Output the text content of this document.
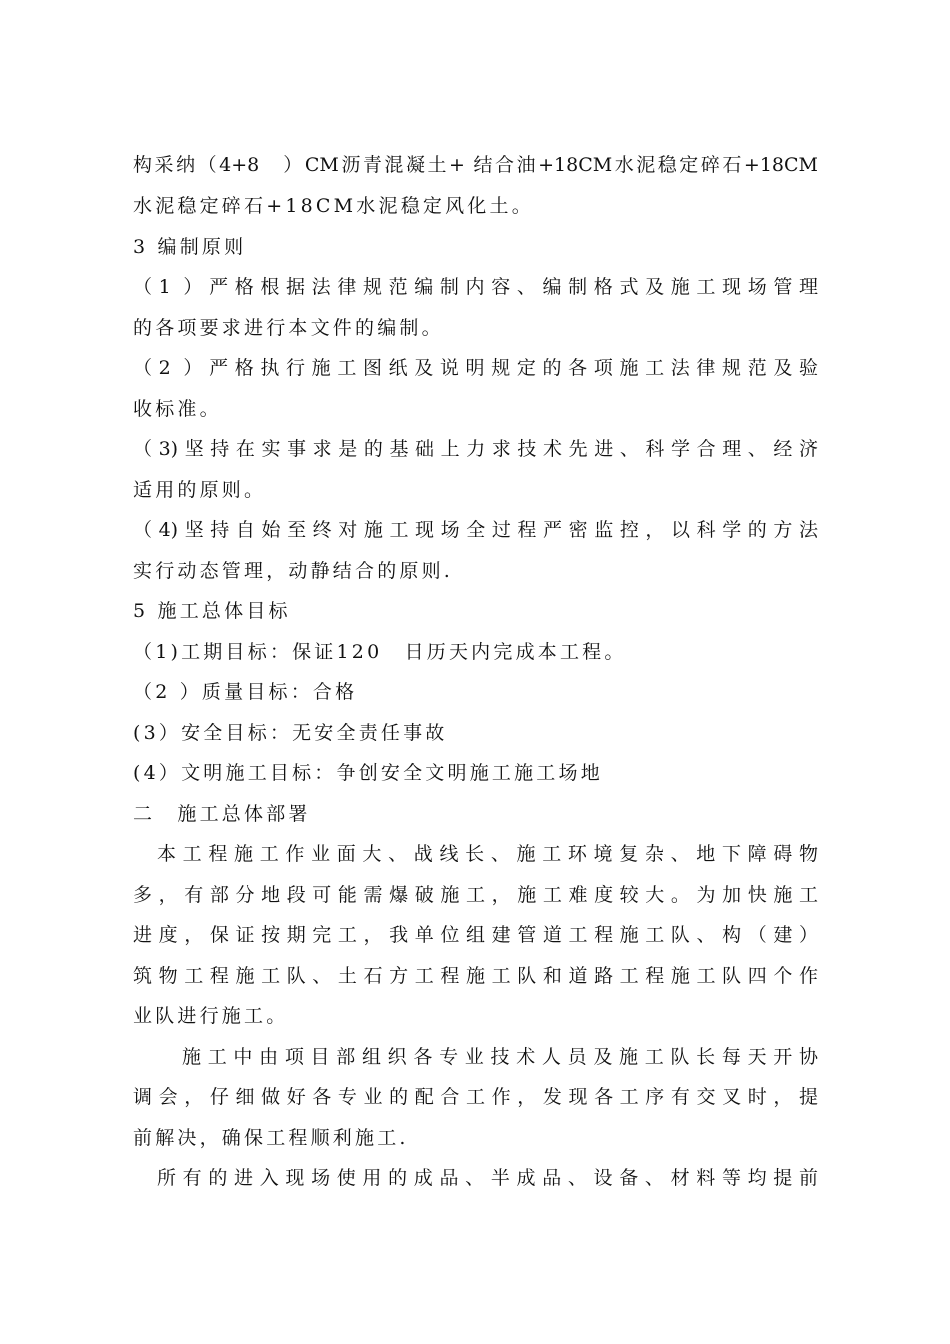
构采纳（4+8　）CM沥青混凝土+ 结合油+18CM水泥稳定碎石+18CM
水泥稳定碎石+18CM水泥稳定风化土。
3 编制原则
（1 ）严格根据法律规范编制内容、编制格式及施工现场管理
的各项要求进行本文件的编制。
（2 ）严格执行施工图纸及说明规定的各项施工法律规范及验
收标准。
（3)坚持在实事求是的基础上力求技术先进、科学合理、经济
适用的原则。
（4)坚持自始至终对施工现场全过程严密监控，以科学的方法
实行动态管理，动静结合的原则.
5 施工总体目标
（1)工期目标：保证120　日历天内完成本工程。
（2 ）质量目标：合格
(3）安全目标：无安全责任事故
(4）文明施工目标：争创安全文明施工施工场地
二　施工总体部署
本工程施工作业面大、战线长、施工环境复杂、地下障碍物
多，有部分地段可能需爆破施工，施工难度较大。为加快施工
进度，保证按期完工，我单位组建管道工程施工队、构（建）
筑物工程施工队、土石方工程施工队和道路工程施工队四个作
业队进行施工。
施工中由项目部组织各专业技术人员及施工队长每天开协
调会，仔细做好各专业的配合工作，发现各工序有交叉时，提
前解决，确保工程顺利施工.
所有的进入现场使用的成品、半成品、设备、材料等均提前
